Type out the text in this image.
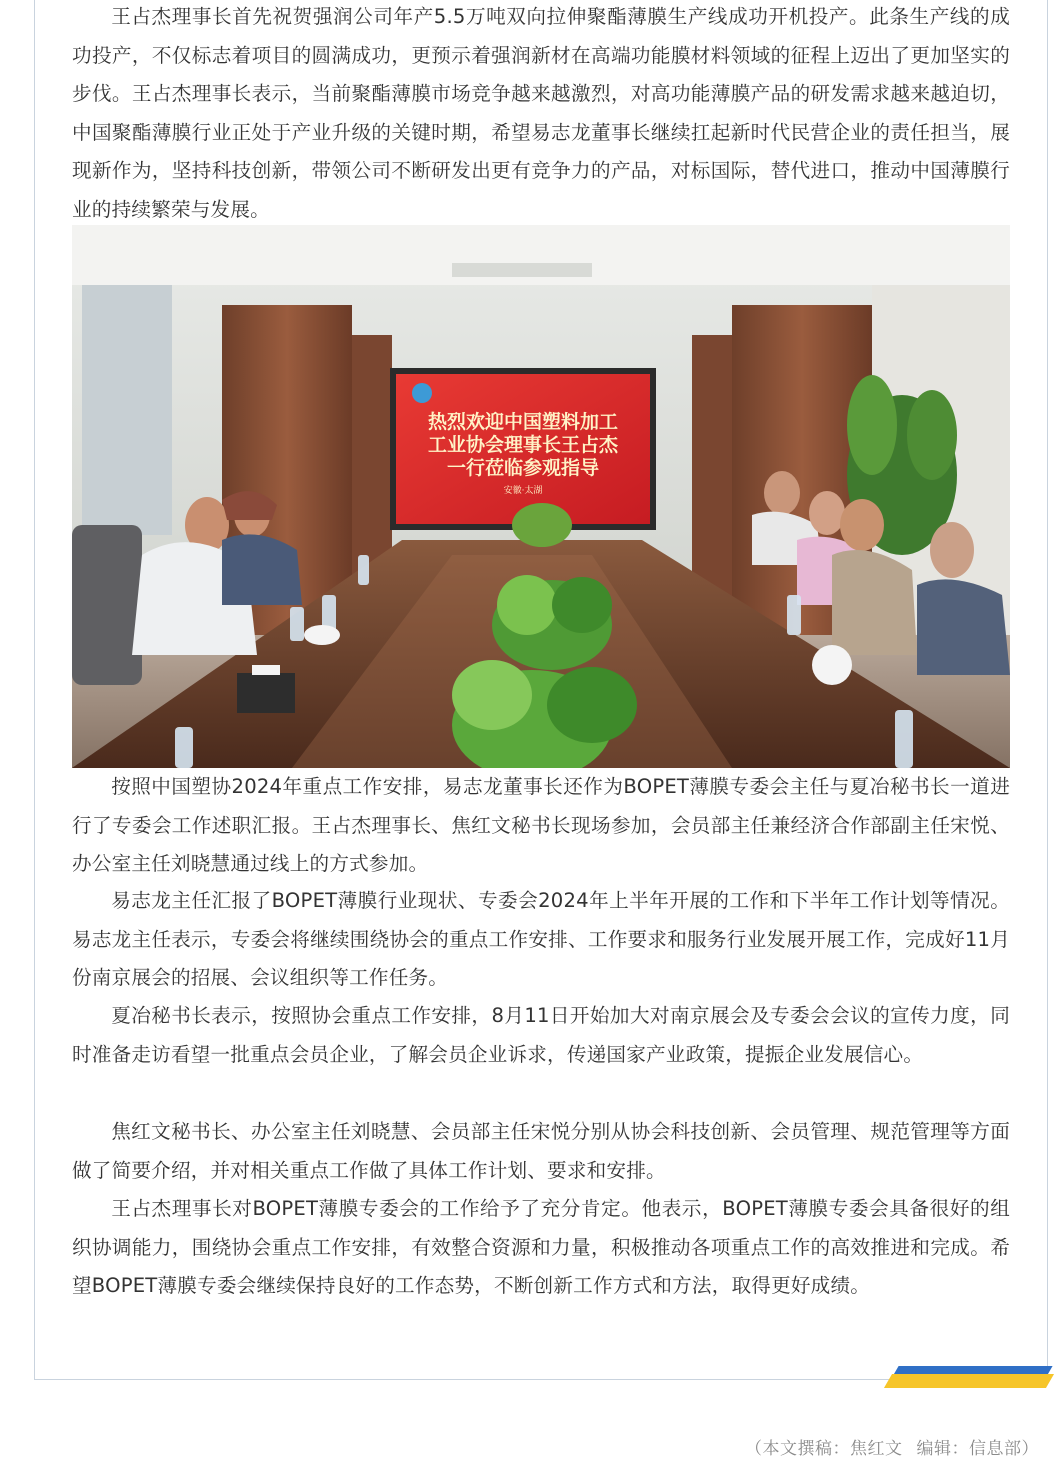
王占杰理事长首先祝贺强润公司年产5.5万吨双向拉伸聚酯薄膜生产线成功开机投产。此条生产线的成功投产，不仅标志着项目的圆满成功，更预示着强润新材在高端功能膜材料领域的征程上迈出了更加坚实的步伐。王占杰理事长表示，当前聚酯薄膜市场竞争越来越激烈，对高功能薄膜产品的研发需求越来越迫切，中国聚酯薄膜行业正处于产业升级的关键时期，希望易志龙董事长继续扛起新时代民营企业的责任担当，展现新作为，坚持科技创新，带领公司不断研发出更有竞争力的产品，对标国际，替代进口，推动中国薄膜行业的持续繁荣与发展。

热烈欢迎中国塑料加工
工业协会理事长王占杰
一行莅临参观指导
安徽·太湖

按照中国塑协2024年重点工作安排，易志龙董事长还作为BOPET薄膜专委会主任与夏冶秘书长一道进行了专委会工作述职汇报。王占杰理事长、焦红文秘书长现场参加，会员部主任兼经济合作部副主任宋悦、办公室主任刘晓慧通过线上的方式参加。

易志龙主任汇报了BOPET薄膜行业现状、专委会2024年上半年开展的工作和下半年工作计划等情况。易志龙主任表示，专委会将继续围绕协会的重点工作安排、工作要求和服务行业发展开展工作，完成好11月份南京展会的招展、会议组织等工作任务。

夏冶秘书长表示，按照协会重点工作安排，8月11日开始加大对南京展会及专委会会议的宣传力度，同时准备走访看望一批重点会员企业，了解会员企业诉求，传递国家产业政策，提振企业发展信心。

焦红文秘书长、办公室主任刘晓慧、会员部主任宋悦分别从协会科技创新、会员管理、规范管理等方面做了简要介绍，并对相关重点工作做了具体工作计划、要求和安排。

王占杰理事长对BOPET薄膜专委会的工作给予了充分肯定。他表示，BOPET薄膜专委会具备很好的组织协调能力，围绕协会重点工作安排，有效整合资源和力量，积极推动各项重点工作的高效推进和完成。希望BOPET薄膜专委会继续保持良好的工作态势，不断创新工作方式和方法，取得更好成绩。

（本文撰稿：焦红文 编辑：信息部）
